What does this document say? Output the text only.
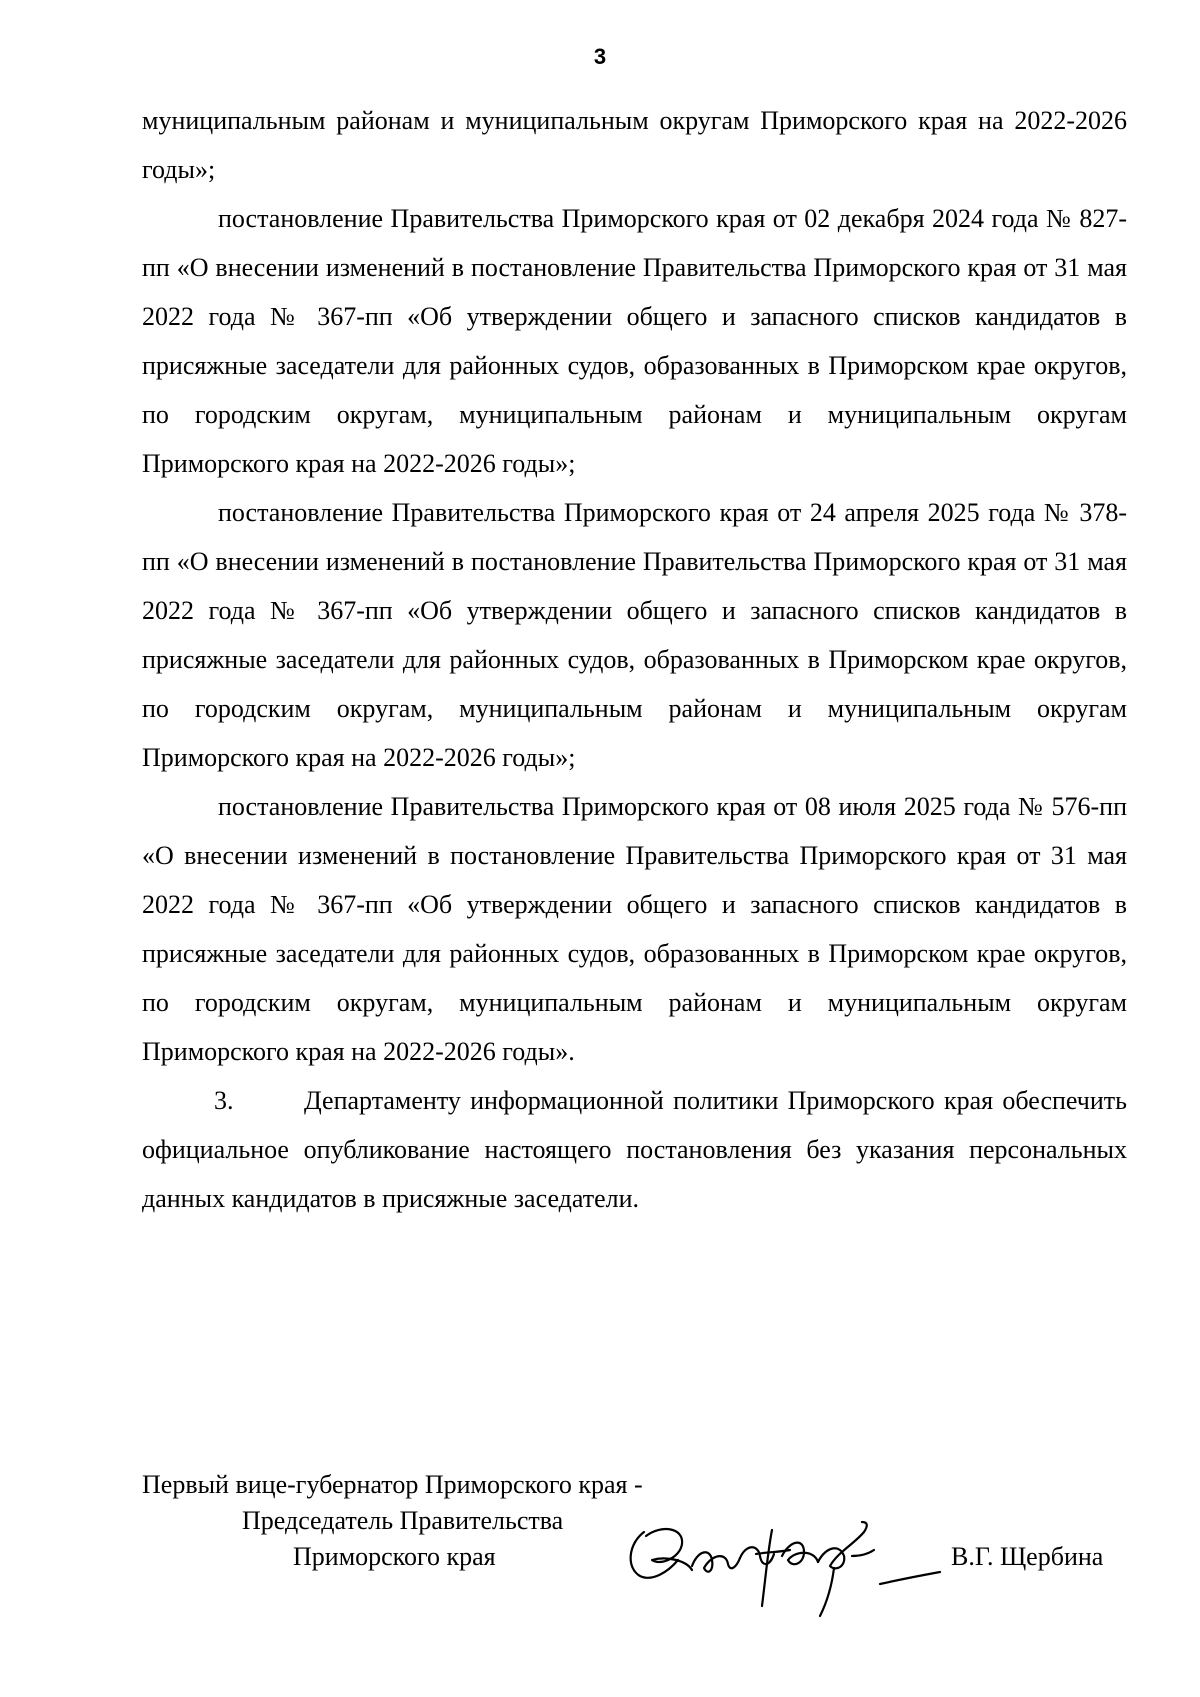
3

муниципальным районам и муниципальным округам Приморского края на 2022-2026 годы»;

постановление Правительства Приморского края от 02 декабря 2024 года № 827-пп «О внесении изменений в постановление Правительства Приморского края от 31 мая 2022 года № 367-пп «Об утверждении общего и запасного списков кандидатов в присяжные заседатели для районных судов, образованных в Приморском крае округов, по городским округам, муниципальным районам и муниципальным округам Приморского края на 2022-2026 годы»;

постановление Правительства Приморского края от 24 апреля 2025 года № 378-пп «О внесении изменений в постановление Правительства Приморского края от 31 мая 2022 года № 367-пп «Об утверждении общего и запасного списков кандидатов в присяжные заседатели для районных судов, образованных в Приморском крае округов, по городским округам, муниципальным районам и муниципальным округам Приморского края на 2022-2026 годы»;

постановление Правительства Приморского края от 08 июля 2025 года № 576-пп «О внесении изменений в постановление Правительства Приморского края от 31 мая 2022 года № 367-пп «Об утверждении общего и запасного списков кандидатов в присяжные заседатели для районных судов, образованных в Приморском крае округов, по городским округам, муниципальным районам и муниципальным округам Приморского края на 2022-2026 годы».

3.	Департаменту информационной политики Приморского края обеспечить официальное опубликование настоящего постановления без указания персональных данных кандидатов в присяжные заседатели.

Первый вице-губернатор Приморского края -
Председатель Правительства
Приморского края	В.Г. Щербина
